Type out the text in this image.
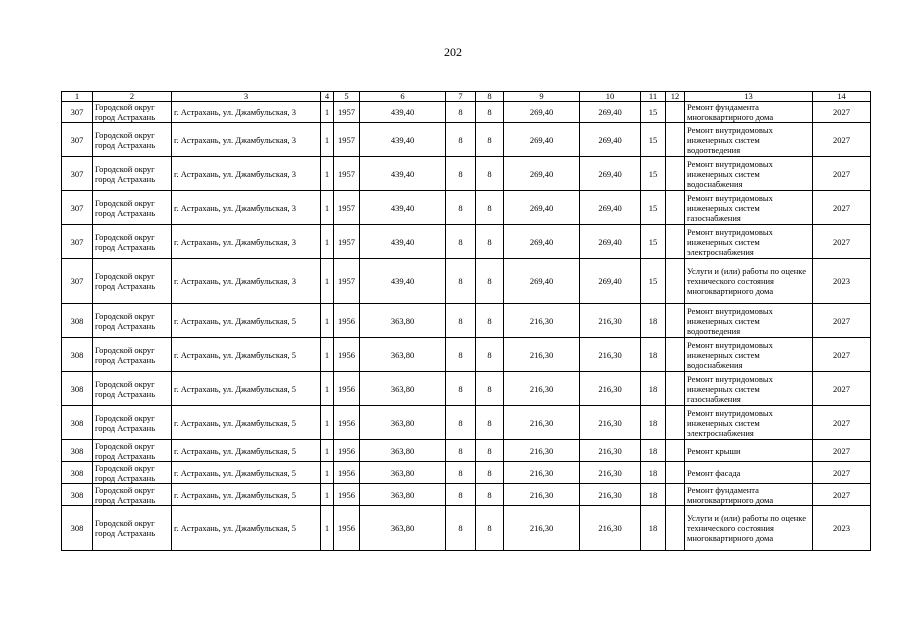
202
1	2	3	4	5	6	7	8	9	10	11	12	13	14
307	Городской округ город Астрахань	г. Астрахань, ул. Джамбульская, 3	1	1957	439,40	8	8	269,40	269,40	15		Ремонт фундамента многоквартирного дома	2027
307	Городской округ город Астрахань	г. Астрахань, ул. Джамбульская, 3	1	1957	439,40	8	8	269,40	269,40	15		Ремонт внутридомовых инженерных систем водоотведения	2027
307	Городской округ город Астрахань	г. Астрахань, ул. Джамбульская, 3	1	1957	439,40	8	8	269,40	269,40	15		Ремонт внутридомовых инженерных систем водоснабжения	2027
307	Городской округ город Астрахань	г. Астрахань, ул. Джамбульская, 3	1	1957	439,40	8	8	269,40	269,40	15		Ремонт внутридомовых инженерных систем газоснабжения	2027
307	Городской округ город Астрахань	г. Астрахань, ул. Джамбульская, 3	1	1957	439,40	8	8	269,40	269,40	15		Ремонт внутридомовых инженерных систем электроснабжения	2027
307	Городской округ город Астрахань	г. Астрахань, ул. Джамбульская, 3	1	1957	439,40	8	8	269,40	269,40	15		Услуги и (или) работы по оценке технического состояния многоквартирного дома	2023
308	Городской округ город Астрахань	г. Астрахань, ул. Джамбульская, 5	1	1956	363,80	8	8	216,30	216,30	18		Ремонт внутридомовых инженерных систем водоотведения	2027
308	Городской округ город Астрахань	г. Астрахань, ул. Джамбульская, 5	1	1956	363,80	8	8	216,30	216,30	18		Ремонт внутридомовых инженерных систем водоснабжения	2027
308	Городской округ город Астрахань	г. Астрахань, ул. Джамбульская, 5	1	1956	363,80	8	8	216,30	216,30	18		Ремонт внутридомовых инженерных систем газоснабжения	2027
308	Городской округ город Астрахань	г. Астрахань, ул. Джамбульская, 5	1	1956	363,80	8	8	216,30	216,30	18		Ремонт внутридомовых инженерных систем электроснабжения	2027
308	Городской округ город Астрахань	г. Астрахань, ул. Джамбульская, 5	1	1956	363,80	8	8	216,30	216,30	18		Ремонт крыши	2027
308	Городской округ город Астрахань	г. Астрахань, ул. Джамбульская, 5	1	1956	363,80	8	8	216,30	216,30	18		Ремонт фасада	2027
308	Городской округ город Астрахань	г. Астрахань, ул. Джамбульская, 5	1	1956	363,80	8	8	216,30	216,30	18		Ремонт фундамента многоквартирного дома	2027
308	Городской округ город Астрахань	г. Астрахань, ул. Джамбульская, 5	1	1956	363,80	8	8	216,30	216,30	18		Услуги и (или) работы по оценке технического состояния многоквартирного дома	2023
